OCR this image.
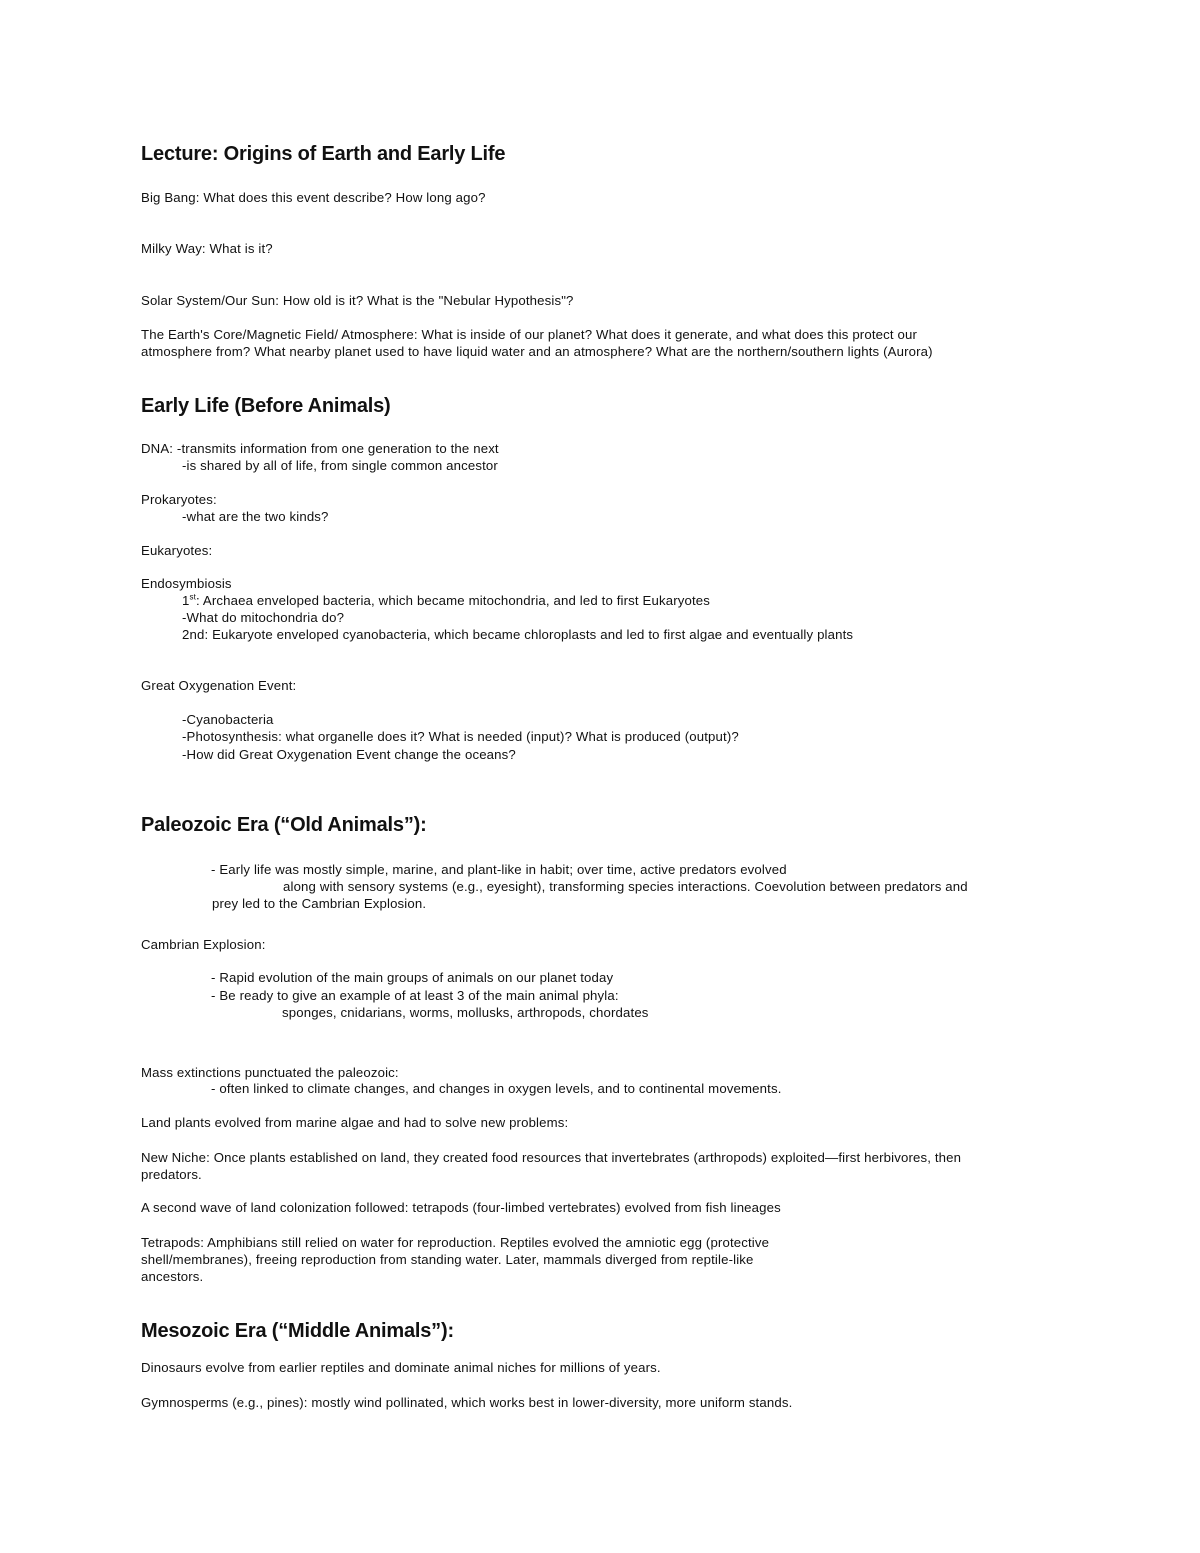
Lecture: Origins of Earth and Early Life
Big Bang: What does this event describe? How long ago?
Milky Way: What is it?
Solar System/Our Sun: How old is it? What is the "Nebular Hypothesis"?
The Earth's Core/Magnetic Field/ Atmosphere: What is inside of our planet? What does it generate, and what does this protect our
atmosphere from? What nearby planet used to have liquid water and an atmosphere? What are the northern/southern lights (Aurora)
Early Life (Before Animals)
DNA: -transmits information from one generation to the next
-is shared by all of life, from single common ancestor
Prokaryotes:
-what are the two kinds?
Eukaryotes:
Endosymbiosis
1st: Archaea enveloped bacteria, which became mitochondria, and led to first Eukaryotes
-What do mitochondria do?
2nd: Eukaryote enveloped cyanobacteria, which became chloroplasts and led to first algae and eventually plants
Great Oxygenation Event:
-Cyanobacteria
-Photosynthesis: what organelle does it? What is needed (input)? What is produced (output)?
-How did Great Oxygenation Event change the oceans?
Paleozoic Era (“Old Animals”):
- Early life was mostly simple, marine, and plant-like in habit; over time, active predators evolved
along with sensory systems (e.g., eyesight), transforming species interactions. Coevolution between predators and
prey led to the Cambrian Explosion.
Cambrian Explosion:
- Rapid evolution of the main groups of animals on our planet today
- Be ready to give an example of at least 3 of the main animal phyla:
sponges, cnidarians, worms, mollusks, arthropods, chordates
Mass extinctions punctuated the paleozoic:
- often linked to climate changes, and changes in oxygen levels, and to continental movements.
Land plants evolved from marine algae and had to solve new problems:
New Niche: Once plants established on land, they created food resources that invertebrates (arthropods) exploited—first herbivores, then
predators.
A second wave of land colonization followed: tetrapods (four-limbed vertebrates) evolved from fish lineages
Tetrapods: Amphibians still relied on water for reproduction. Reptiles evolved the amniotic egg (protective
shell/membranes), freeing reproduction from standing water. Later, mammals diverged from reptile-like
ancestors.
Mesozoic Era (“Middle Animals”):
Dinosaurs evolve from earlier reptiles and dominate animal niches for millions of years.
Gymnosperms (e.g., pines): mostly wind pollinated, which works best in lower-diversity, more uniform stands.
